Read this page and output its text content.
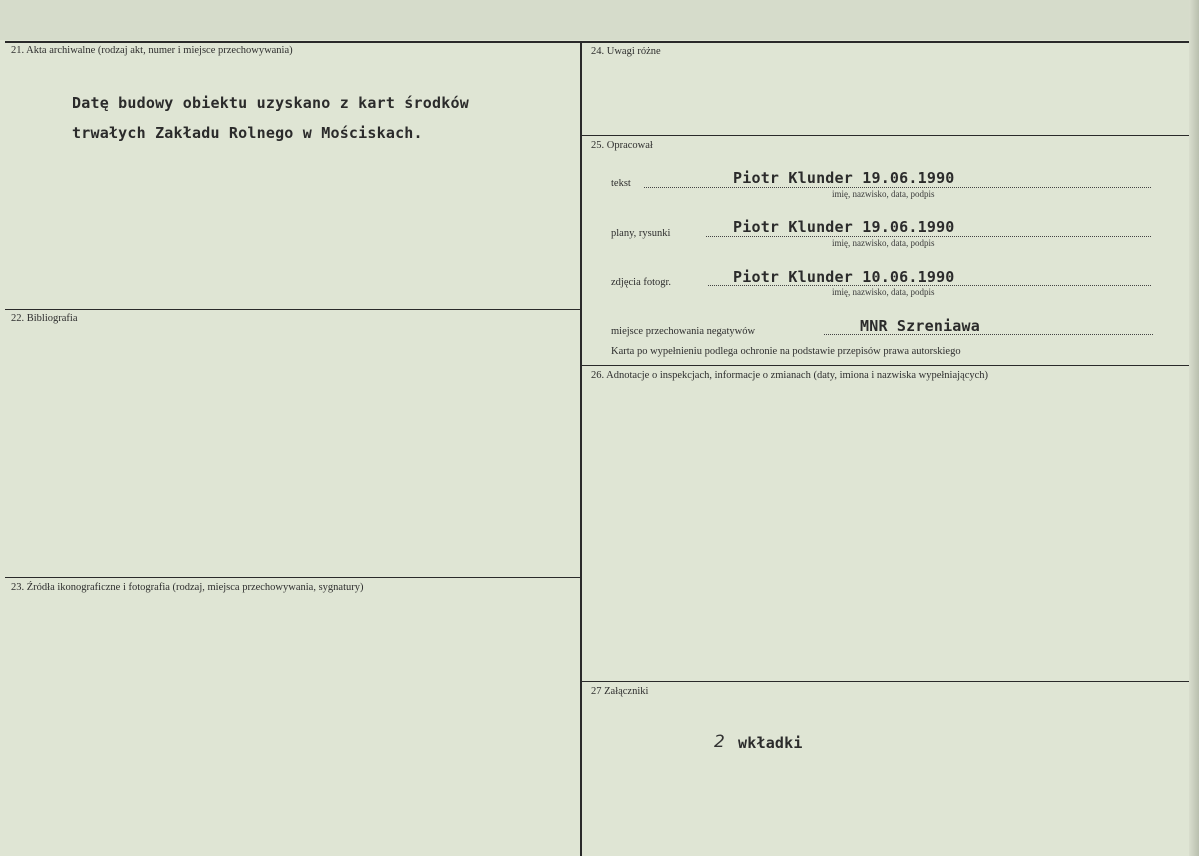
21. Akta archiwalne (rodzaj akt, numer i miejsce przechowywania)
Datę budowy obiektu uzyskano z kart środków
trwałych Zakładu Rolnego w Mościskach.
22. Bibliografia
23. Źródła ikonograficzne i fotografia (rodzaj, miejsca przechowywania, sygnatury)
24. Uwagi różne
25. Opracował
tekst	Piotr Klunder 19.06.1990
imię, nazwisko, data, podpis
plany, rysunki	Piotr Klunder 19.06.1990
imię, nazwisko, data, podpis
zdjęcia fotogr.	Piotr Klunder 10.06.1990
imię, nazwisko, data, podpis
miejsce przechowania negatywów	MNR Szreniawa
Karta po wypełnieniu podlega ochronie na podstawie przepisów prawa autorskiego
26. Adnotacje o inspekcjach, informacje o zmianach (daty, imiona i nazwiska wypełniających)
27 Załączniki
2 wkładki
